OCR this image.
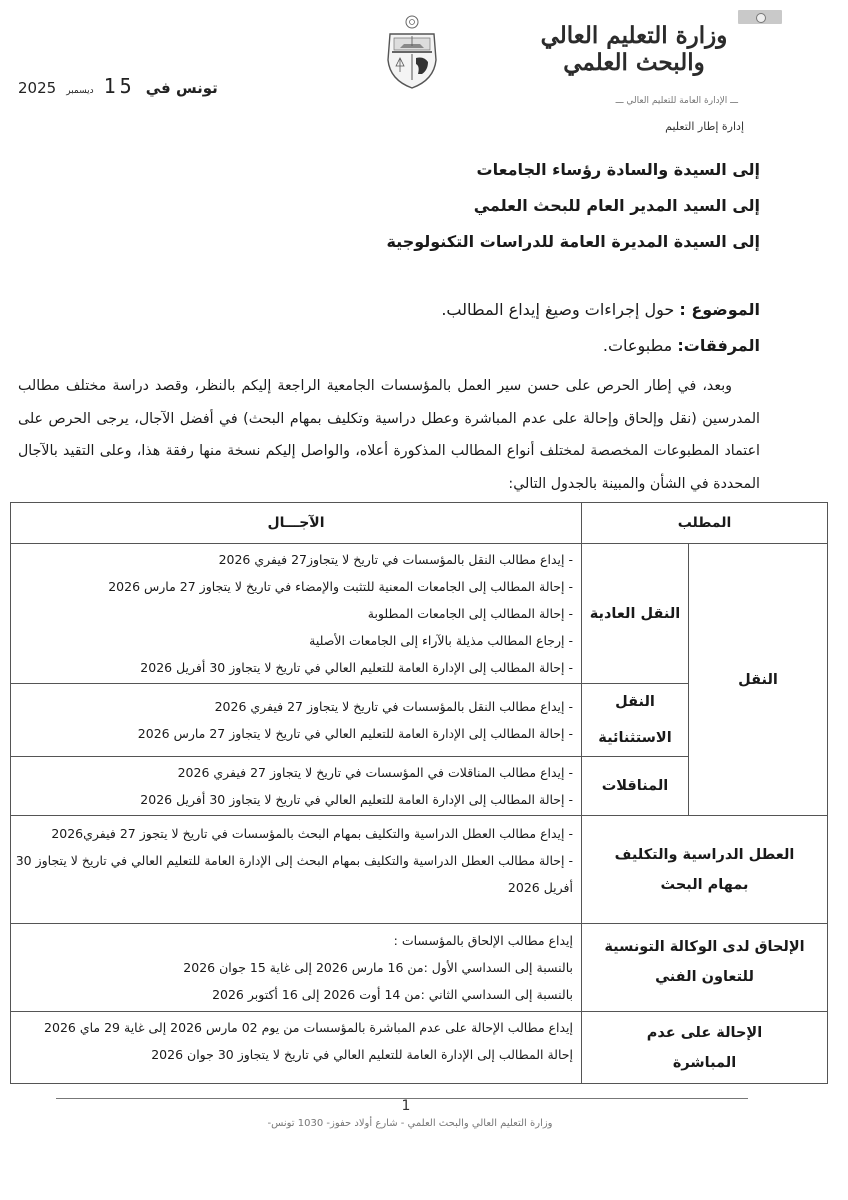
وزارة التعليم العالي
والبحث العلمي
ـــ الإدارة العامة للتعليم العالي ـــ
إدارة إطار التعليم
تونس في
15
ديسمبر
2025
إلى السيدة والسادة رؤساء الجامعات
إلى السيد المدير العام للبحث العلمي
إلى السيدة المديرة العامة للدراسات التكنولوجية
الموضوع : حول إجراءات وصيغ إيداع المطالب.
المرفقات: مطبوعات.
وبعد، في إطار الحرص على حسن سير العمل بالمؤسسات الجامعية الراجعة إليكم بالنظر، وقصد دراسة مختلف مطالب المدرسين (نقل وإلحاق وإحالة على عدم المباشرة وعطل دراسية وتكليف بمهام البحث) في أفضل الآجال، يرجى الحرص على اعتماد المطبوعات المخصصة لمختلف أنواع المطالب المذكورة أعلاه، والواصل إليكم نسخة منها رفقة هذا، وعلى التقيد بالآجال المحددة في الشأن والمبينة بالجدول التالي:
المطلب		الآجـــال
النقل	النقل العادية	- إيداع مطالب النقل بالمؤسسات في تاريخ لا يتجاوز27 فيفري 2026
- إحالة المطالب إلى الجامعات المعنية للتثبت والإمضاء في تاريخ لا يتجاوز 27 مارس 2026
- إحالة المطالب إلى الجامعات المطلوبة
- إرجاع المطالب مذيلة بالآراء إلى الجامعات الأصلية
- إحالة المطالب إلى الإدارة العامة للتعليم العالي في تاريخ لا يتجاوز 30 أفريل 2026

	النقل الاستثنائية	- إيداع مطالب النقل بالمؤسسات في تاريخ لا يتجاوز 27 فيفري 2026
- إحالة المطالب إلى الإدارة العامة للتعليم العالي في تاريخ لا يتجاوز 27 مارس 2026

	المناقلات	- إيداع مطالب المناقلات في المؤسسات في تاريخ لا يتجاوز 27 فيفري 2026
- إحالة المطالب إلى الإدارة العامة للتعليم العالي في تاريخ لا يتجاوز 30 أفريل 2026

العطل الدراسية والتكليف بمهام البحث		- إيداع مطالب العطل الدراسية والتكليف بمهام البحث بالمؤسسات في تاريخ لا يتجوز 27 فيفري2026
- إحالة مطالب العطل الدراسية والتكليف بمهام البحث إلى الإدارة العامة للتعليم العالي في تاريخ لا يتجاوز 30 أفريل 2026

الإلحاق لدى الوكالة التونسية للتعاون الفني		إيداع مطالب الإلحاق بالمؤسسات :
بالنسبة إلى السداسي الأول :من 16 مارس 2026 إلى غاية 15 جوان 2026
بالنسبة إلى السداسي الثاني :من 14 أوت 2026 إلى 16 أكتوبر 2026

الإحالة على عدم المباشرة		إيداع مطالب الإحالة على عدم المباشرة بالمؤسسات من يوم 02 مارس 2026 إلى غاية 29 ماي 2026
إحالة المطالب إلى الإدارة العامة للتعليم العالي في تاريخ لا يتجاوز 30 جوان 2026
1
وزارة التعليم العالي والبحث العلمي - شارع أولاد حفوز- 1030 تونس-
